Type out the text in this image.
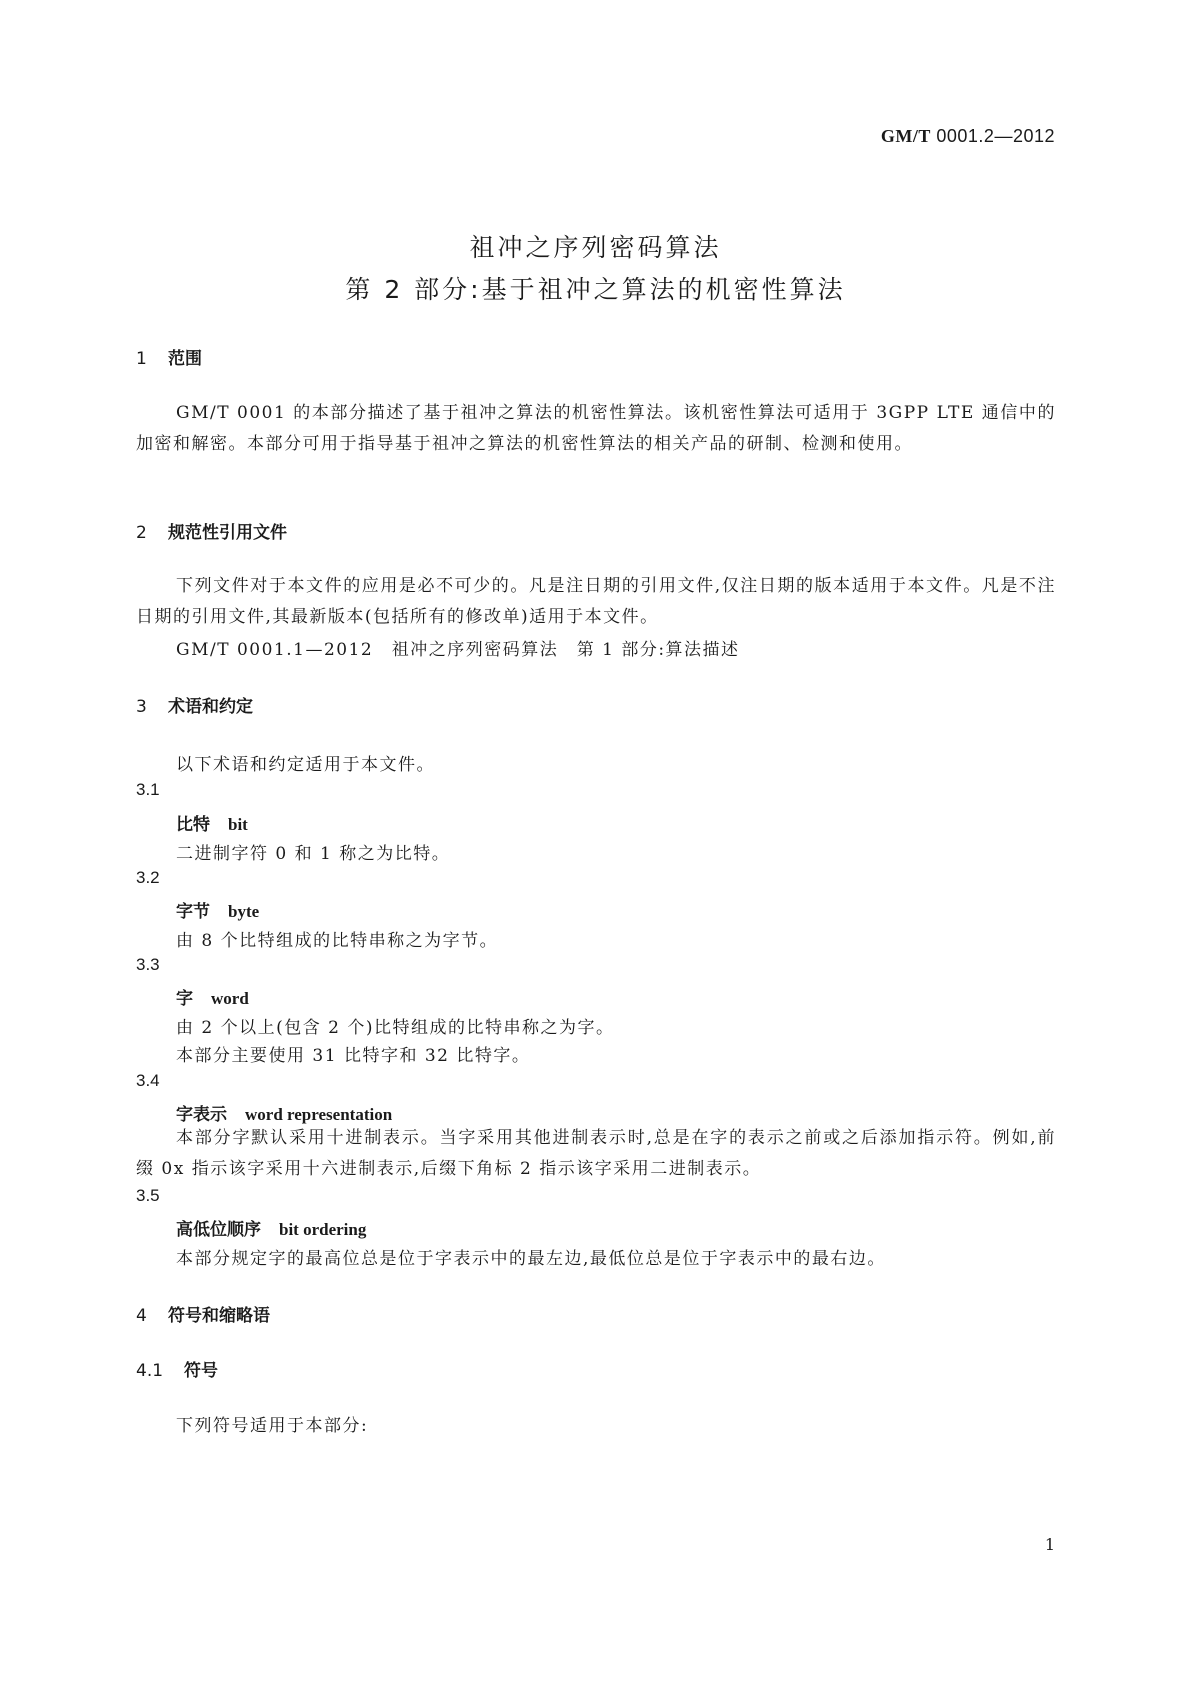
GM/T 0001.2—2012
祖冲之序列密码算法
第 2 部分:基于祖冲之算法的机密性算法
1 范围
GM/T 0001 的本部分描述了基于祖冲之算法的机密性算法。该机密性算法可适用于 3GPP LTE 通信中的加密和解密。本部分可用于指导基于祖冲之算法的机密性算法的相关产品的研制、检测和使用。
2 规范性引用文件
下列文件对于本文件的应用是必不可少的。凡是注日期的引用文件,仅注日期的版本适用于本文件。凡是不注日期的引用文件,其最新版本(包括所有的修改单)适用于本文件。
GM/T 0001.1—2012　祖冲之序列密码算法　第 1 部分:算法描述
3 术语和约定
以下术语和约定适用于本文件。
3.1
比特 bit
二进制字符 0 和 1 称之为比特。
3.2
字节 byte
由 8 个比特组成的比特串称之为字节。
3.3
字 word
由 2 个以上(包含 2 个)比特组成的比特串称之为字。
本部分主要使用 31 比特字和 32 比特字。
3.4
字表示 word representation
本部分字默认采用十进制表示。当字采用其他进制表示时,总是在字的表示之前或之后添加指示符。例如,前缀 0x 指示该字采用十六进制表示,后缀下角标 2 指示该字采用二进制表示。
3.5
高低位顺序 bit ordering
本部分规定字的最高位总是位于字表示中的最左边,最低位总是位于字表示中的最右边。
4 符号和缩略语
4.1 符号
下列符号适用于本部分:
1
